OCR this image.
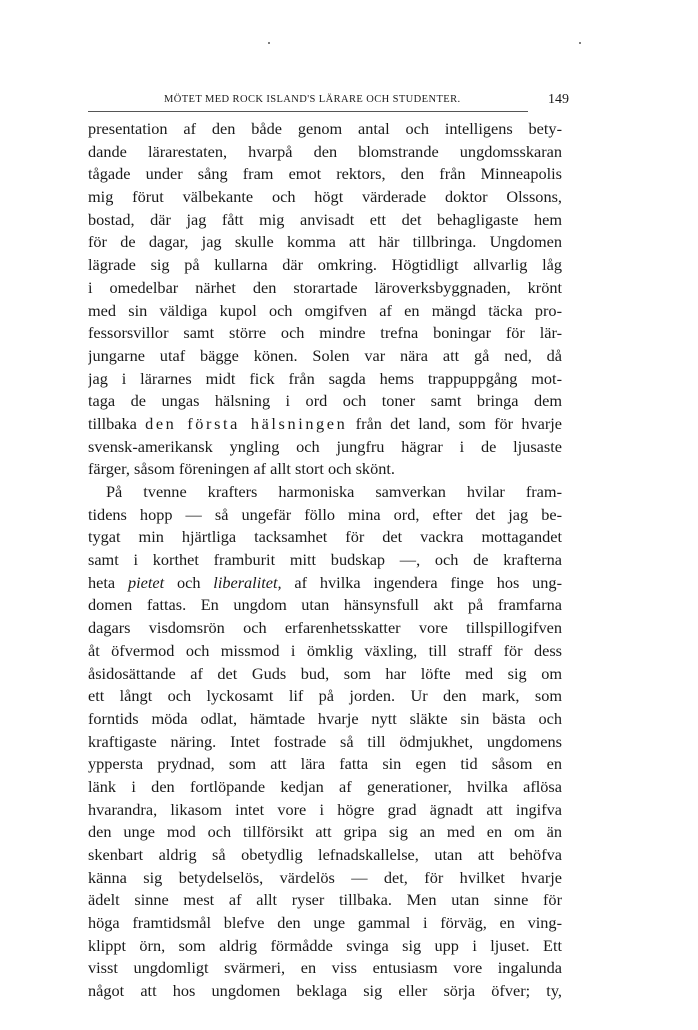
MÖTET MED ROCK ISLAND'S LÄRARE OCH STUDENTER.	149
presentation af den både genom antal och intelligens bety-
dande lärarestaten, hvarpå den blomstrande ungdomsskaran
tågade under sång fram emot rektors, den från Minneapolis
mig förut välbekante och högt värderade doktor Olssons,
bostad, där jag fått mig anvisadt ett det behagligaste hem
för de dagar, jag skulle komma att här tillbringa. Ungdomen
lägrade sig på kullarna där omkring. Högtidligt allvarlig låg
i omedelbar närhet den storartade läroverksbyggnaden, krönt
med sin väldiga kupol och omgifven af en mängd täcka pro-
fessorsvillor samt större och mindre trefna boningar för lär-
jungarne utaf bägge könen. Solen var nära att gå ned, då
jag i lärarnes midt fick från sagda hems trappuppgång mot-
taga de ungas hälsning i ord och toner samt bringa dem
tillbaka den första hälsningen från det land, som för hvarje
svensk-amerikansk yngling och jungfru hägrar i de ljusaste
färger, såsom föreningen af allt stort och skönt.
På tvenne krafters harmoniska samverkan hvilar fram-
tidens hopp — så ungefär föllo mina ord, efter det jag be-
tygat min hjärtliga tacksamhet för det vackra mottagandet
samt i korthet framburit mitt budskap —, och de krafterna
heta pietet och liberalitet, af hvilka ingendera finge hos ung-
domen fattas. En ungdom utan hänsynsfull akt på framfarna
dagars visdomsrön och erfarenhetsskatter vore tillspillogifven
åt öfvermod och missmod i ömklig växling, till straff för dess
åsidosättande af det Guds bud, som har löfte med sig om
ett långt och lyckosamt lif på jorden. Ur den mark, som
forntids möda odlat, hämtade hvarje nytt släkte sin bästa och
kraftigaste näring. Intet fostrade så till ödmjukhet, ungdomens
yppersta prydnad, som att lära fatta sin egen tid såsom en
länk i den fortlöpande kedjan af generationer, hvilka aflösa
hvarandra, likasom intet vore i högre grad ägnadt att ingifva
den unge mod och tillförsikt att gripa sig an med en om än
skenbart aldrig så obetydlig lefnadskallelse, utan att behöfva
känna sig betydelselös, värdelös — det, för hvilket hvarje
ädelt sinne mest af allt ryser tillbaka. Men utan sinne för
höga framtidsmål blefve den unge gammal i förväg, en ving-
klippt örn, som aldrig förmådde svinga sig upp i ljuset. Ett
visst ungdomligt svärmeri, en viss entusiasm vore ingalunda
något att hos ungdomen beklaga sig eller sörja öfver; ty,
